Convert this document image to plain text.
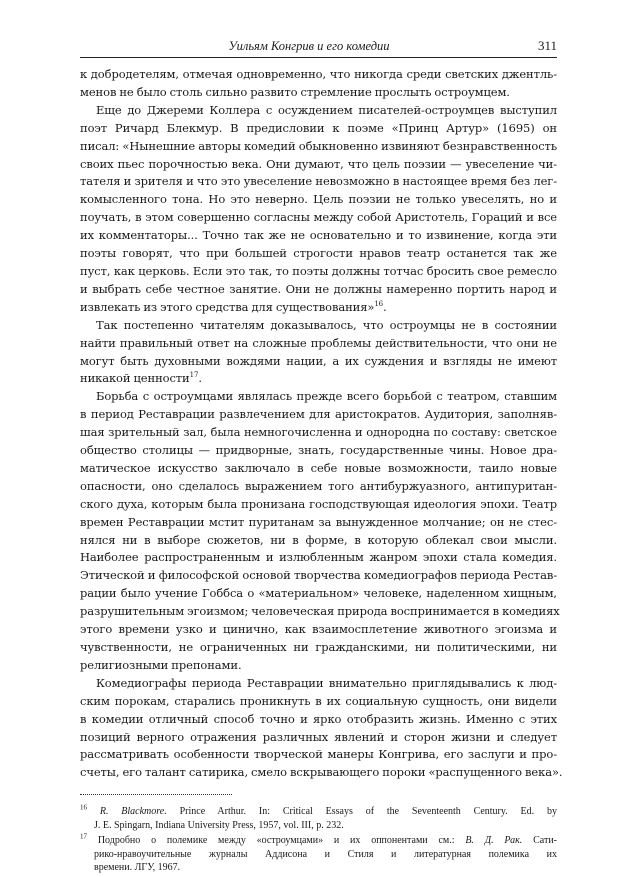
Уильям Конгрив и его комедии	311

к добродетелям, отмечая одновременно, что никогда среди светских джентль-

менов не было столь сильно развито стремление прослыть остроумцем.

Еще до Джереми Коллера с осуждением писателей-остроумцев выступил

поэт Ричард Блекмур. В предисловии к поэме «Принц Артур» (1695) он

писал: «Нынешние авторы комедий обыкновенно извиняют безнравственность

своих пьес порочностью века. Они думают, что цель поэзии — увеселение чи-

тателя и зрителя и что это увеселение невозможно в настоящее время без лег-

комысленного тона. Но это неверно. Цель поэзии не только увеселять, но и

поучать, в этом совершенно согласны между собой Аристотель, Гораций и все

их комментаторы... Точно так же не основательно и то извинение, когда эти

поэты говорят, что при большей строгости нравов театр останется так же

пуст, как церковь. Если это так, то поэты должны тотчас бросить свое ремесло

и выбрать себе честное занятие. Они не должны намеренно портить народ и

извлекать из этого средства для существования»$^{16}$.

Так постепенно читателям доказывалось, что остроумцы не в состоянии

найти правильный ответ на сложные проблемы действительности, что они не

могут быть духовными вождями нации, а их суждения и взгляды не имеют

никакой ценности$^{17}$.

Борьба с остроумцами являлась прежде всего борьбой с театром, ставшим

в период Реставрации развлечением для аристократов. Аудитория, заполняв-

шая зрительный зал, была немногочисленна и однородна по составу: светское

общество столицы — придворные, знать, государственные чины. Новое дра-

матическое искусство заключало в себе новые возможности, таило новые

опасности, оно сделалось выражением того антибуржуазного, антипуритан-

ского духа, которым была пронизана господствующая идеология эпохи. Театр

времен Реставрации мстит пуританам за вынужденное молчание; он не стес-

нялся ни в выборе сюжетов, ни в форме, в которую облекал свои мысли.

Наиболее распространенным и излюбленным жанром эпохи стала комедия.

Этической и философской основой творчества комедиографов периода Рестав-

рации было учение Гоббса о «материальном» человеке, наделенном хищным,

разрушительным эгоизмом; человеческая природа воспринимается в комедиях

этого времени узко и цинично, как взаимосплетение животного эгоизма и

чувственности, не ограниченных ни гражданскими, ни политическими, ни

религиозными препонами.

Комедиографы периода Реставрации внимательно приглядывались к люд-

ским порокам, старались проникнуть в их социальную сущность, они видели

в комедии отличный способ точно и ярко отобразить жизнь. Именно с этих

позиций верного отражения различных явлений и сторон жизни и следует

рассматривать особенности творческой манеры Конгрива, его заслуги и про-

счеты, его талант сатирика, смело вскрывающего пороки «распущенного века».

$^{16}$ R. Blackmore. Prince Arthur. In: Critical Essays of the Seventeenth Century. Ed. by
J. E. Spingarn, Indiana University Press, 1957, vol. III, p. 232.
$^{17}$ Подробно о полемике между «остроумцами» и их оппонентами см.: В. Д. Рак. Сати-
рико-нравоучительные журналы Аддисона и Стиля и литературная полемика их
времени. ЛГУ, 1967.
